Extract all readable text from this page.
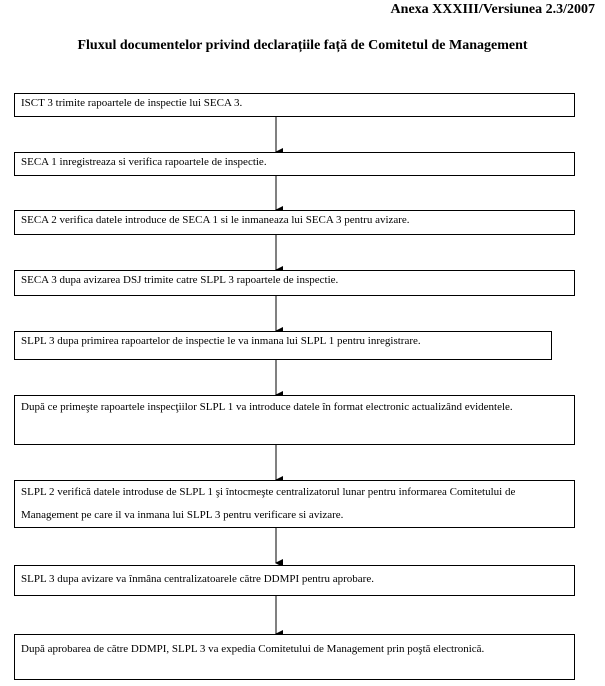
Anexa XXXIII/Versiunea 2.3/2007
Fluxul documentelor privind declarațiile față de Comitetul de Management
ISCT 3 trimite rapoartele de inspectie lui SECA 3.
SECA 1 inregistreaza si verifica rapoartele de inspectie.
SECA 2 verifica datele introduce de SECA 1 si le inmaneaza lui SECA 3 pentru avizare.
SECA 3 dupa avizarea DSJ trimite catre SLPL 3 rapoartele de inspectie.
SLPL 3 dupa primirea rapoartelor de inspectie le va inmana lui SLPL 1 pentru inregistrare.
După ce primeşte rapoartele inspecţiilor SLPL 1 va introduce datele în format electronic actualizând evidentele.
SLPL 2 verifică datele introduse de SLPL 1 şi întocmeşte centralizatorul lunar pentru informarea Comitetului de Management pe care il va inmana lui SLPL 3 pentru verificare si avizare.
SLPL 3 dupa avizare va înmâna centralizatoarele către DDMPI pentru aprobare.
După aprobarea de către DDMPI, SLPL 3 va expedia Comitetului de Management prin poştă electronică.
